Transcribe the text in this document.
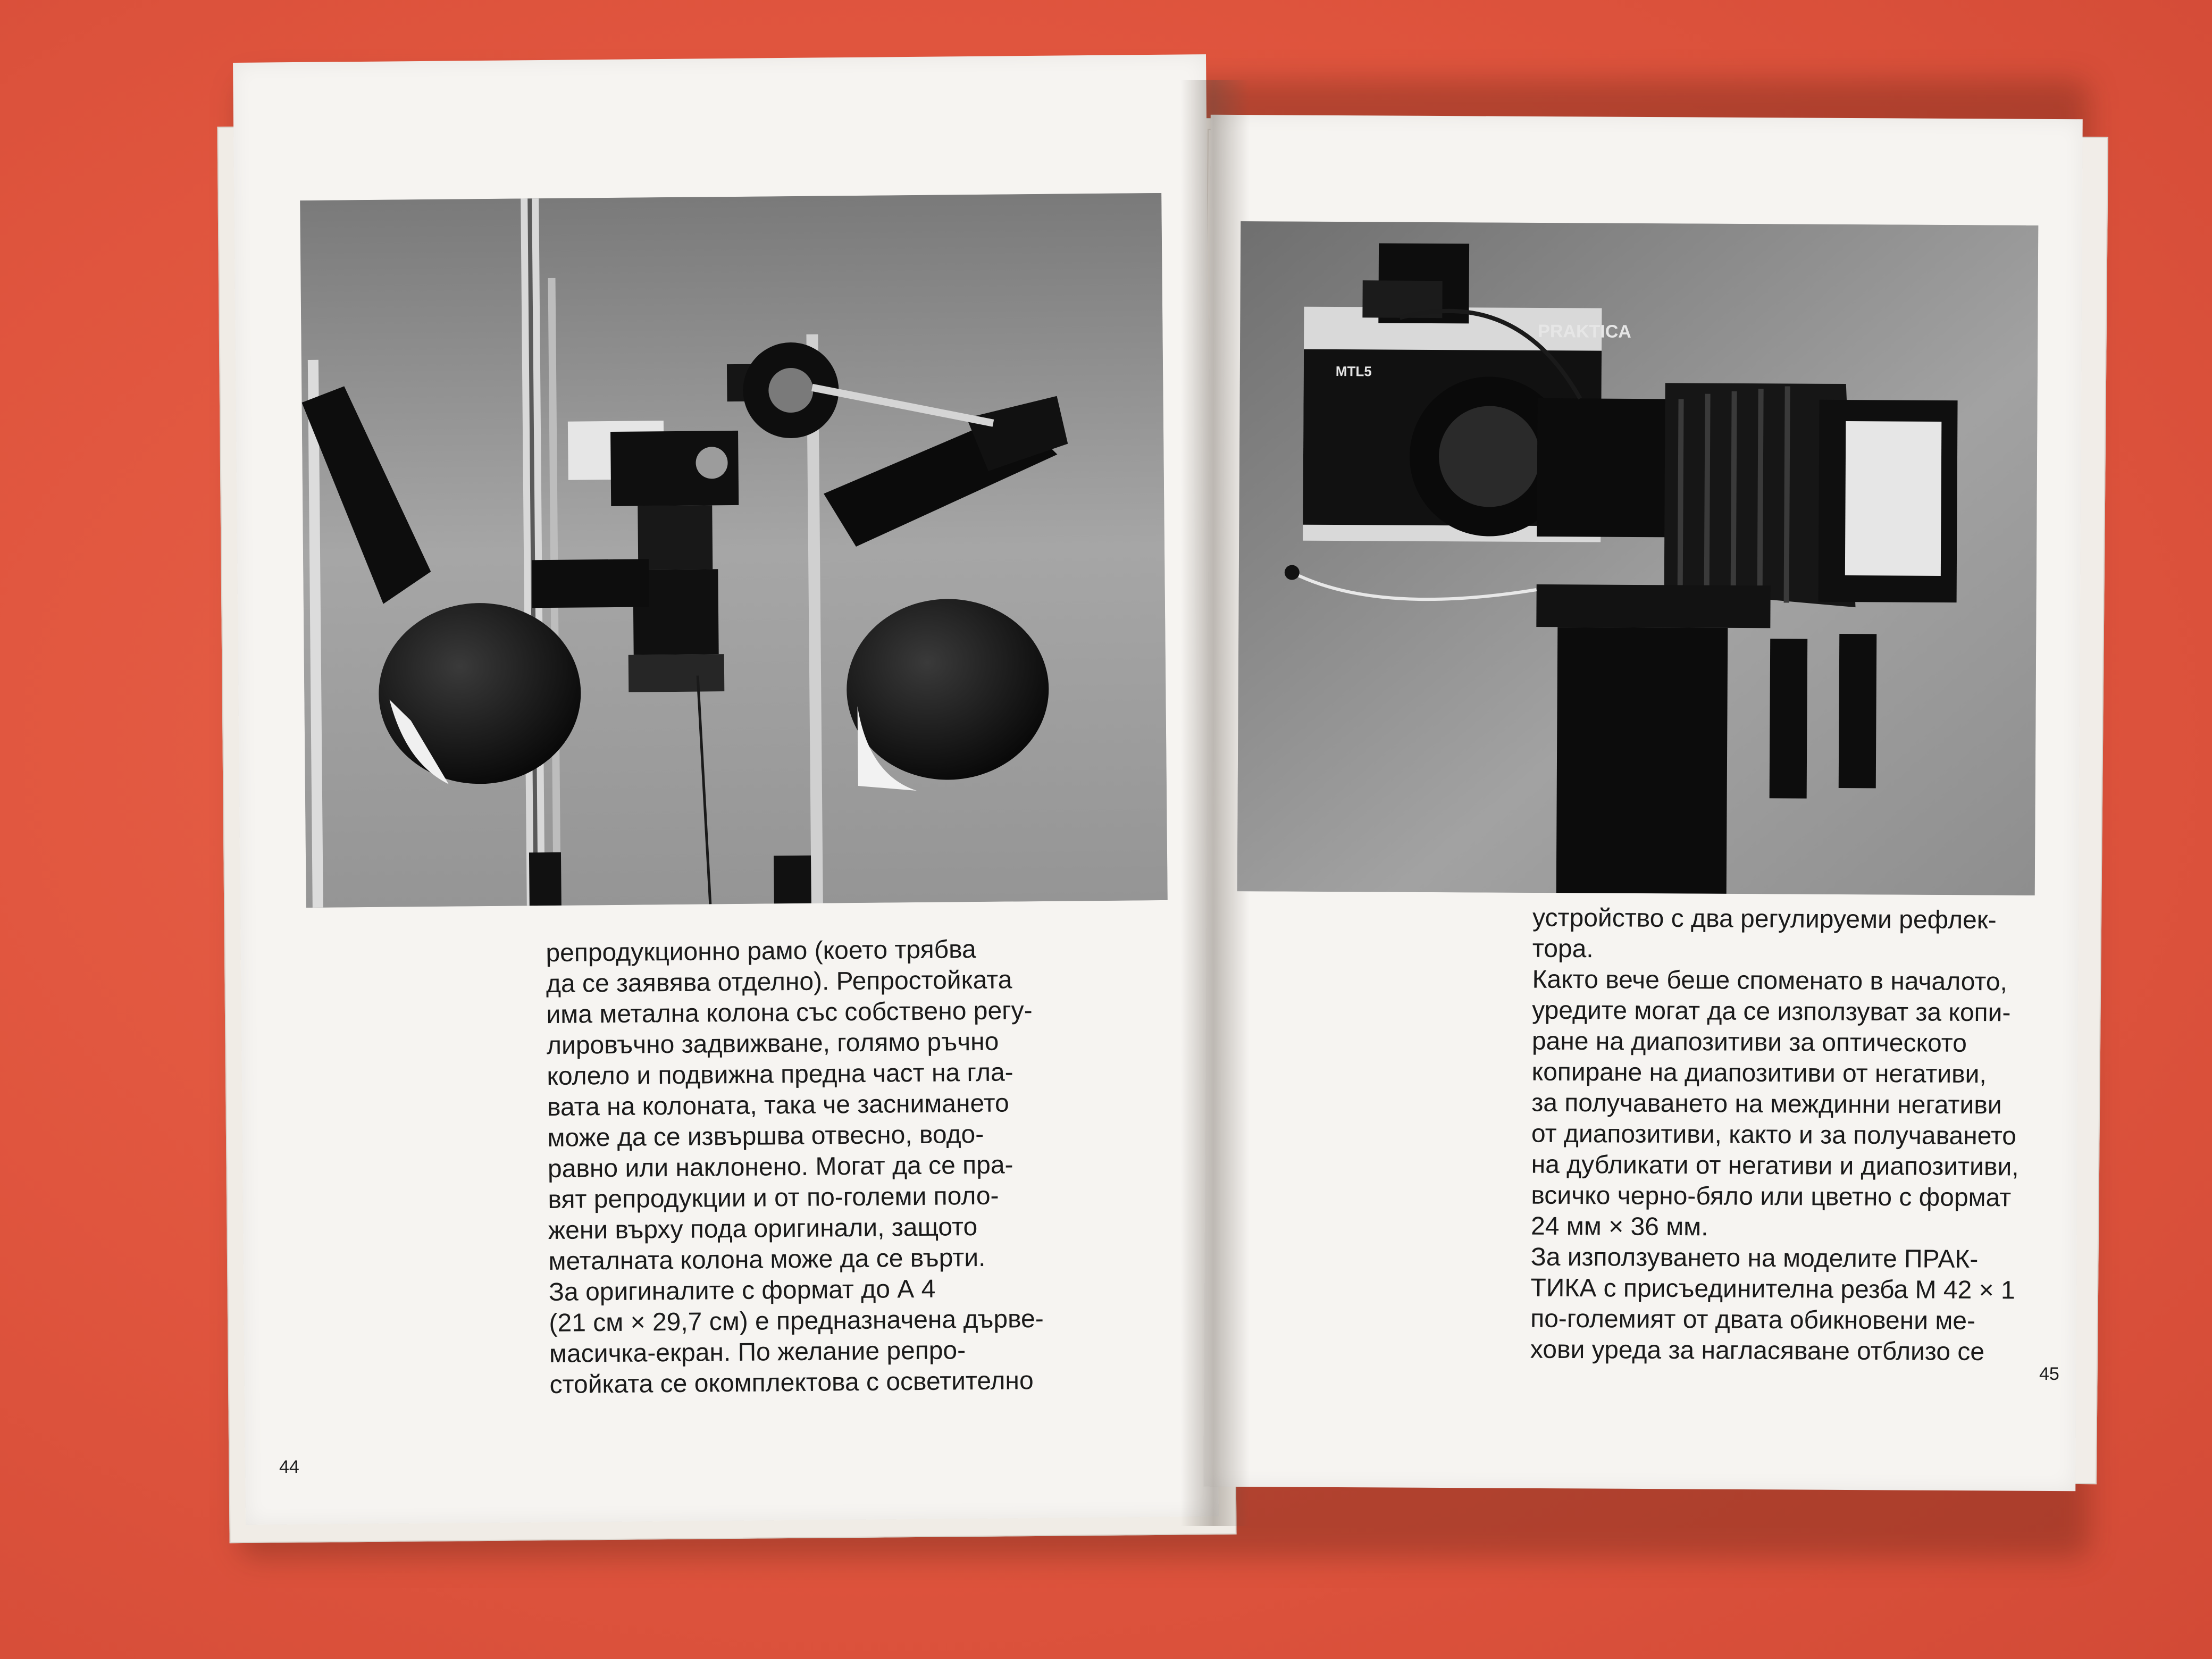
PRAKTICA
MTL5
репродукционно рамо (което трябва
да се заявява отделно). Репростойката
има метална колона със собствено регу-
лировъчно задвижване, голямо ръчно
колело и подвижна предна част на гла-
вата на колоната, така че заснимането
може да се извършва отвесно, водо-
равно или наклонено. Могат да се пра-
вят репродукции и от по-големи поло-
жени върху пода оригинали, защото
металната колона може да се върти.
За оригиналите с формат до А 4
(21 см × 29,7 см) е предназначена дърве-
масичка-екран. По желание репро-
стойката се окомплектова с осветително
устройство с два регулируеми рефлек-
тора.
Както вече беше споменато в началото,
уредите могат да се използуват за копи-
ране на диапозитиви за оптическото
копиране на диапозитиви от негативи,
за получаването на междинни негативи
от диапозитиви, както и за получаването
на дубликати от негативи и диапозитиви,
всичко черно-бяло или цветно с формат
24 мм × 36 мм.
За използуването на моделите ПРАК-
ТИКА с присъединителна резба М 42 × 1
по-големият от двата обикновени ме-
хови уреда за нагласяване отблизо се
44
45
